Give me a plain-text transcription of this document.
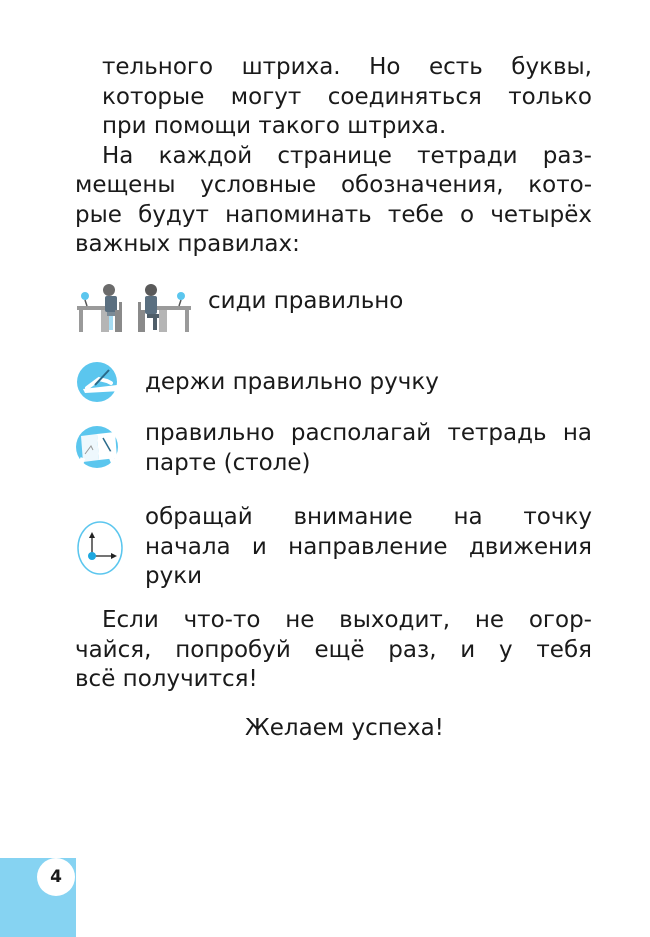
тельного штриха. Но есть буквы,
которые могут соединяться только
при помощи такого штриха.
На каждой странице тетради раз-
мещены условные обозначения, кото-
рые будут напоминать тебе о четырёх
важных правилах:
сиди правильно
держи правильно ручку
правильно располагай тетрадь на
парте (столе)
обращай внимание на точку
начала и направление движения
руки
Если что-то не выходит, не огор-
чайся, попробуй ещё раз, и у тебя
всё получится!
Желаем успеха!
4
